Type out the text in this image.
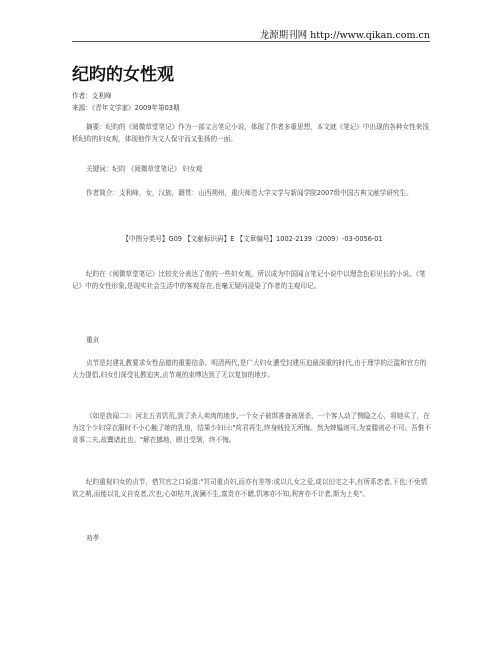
龙源期刊网 http://www.qikan.com.cn
纪昀的女性观
作者：支利峰
来源：《青年文学家》2009年第03期

摘要：纪昀的《阅微草堂笔记》作为一部文言笔记小说，体现了作者多重思想，本文就《笔记》中出现的各种女性来浅析纪昀的妇女观，体现他作为文人保守而又张扬的一面。

关键词：纪昀 《阅微草堂笔记》 妇女观

作者简介：支利峰，女，汉族，籍贯：山西朔州，重庆师范大学文学与新闻学院2007级中国古典文献学研究生。

【中图分类号】G09 【文献标识码】E 【文章编号】1002-2139（2009）-03-0056-01

纪昀在《阅微草堂笔记》比较充分表达了他的一些妇女观，所以成为中国闻言笔记小说中以理念色彩见长的小说。《笔记》中的女性形象,是现实社会生活中的客观存在,也毫无疑问浸染了作者的主观印记。

重贞

贞节是封建礼教要求女性品德的重要信条。明清两代,是广大妇女遭受封建压迫最深重的时代,由于理学的泛滥和官方的大力提倡,妇女们深受礼教迫害,贞节观的束缚达到了无以复加的地步。

《如是我闻二》：河北五省饥荒,到了杀人卖肉的地步,一个女子被绑准备被屠杀，一个客人动了恻隐之心，将她买了，在为这个少妇穿衣服时不小心触了她的乳房，结果少妇曰:"荷君再生,终身贱役无所悔。然为婢媪则可,为妾媵则必不可。吾惟不肯事二夫,故鬻诸此也。"解衣挪地，瞑目受屠，终不悔。

纪昀重视妇女的贞节，借冥官之口说道:"冥司重贞妇,而亦有差等:或以儿女之爱,或以田宅之丰,有所系恋者,下也;不免情欲之萌,而能以礼义自克者,次也;心如枯井,波澜不生,富贵亦不睹,饥寒亦不知,利害亦不计者,斯为上矣"。

劝孝
